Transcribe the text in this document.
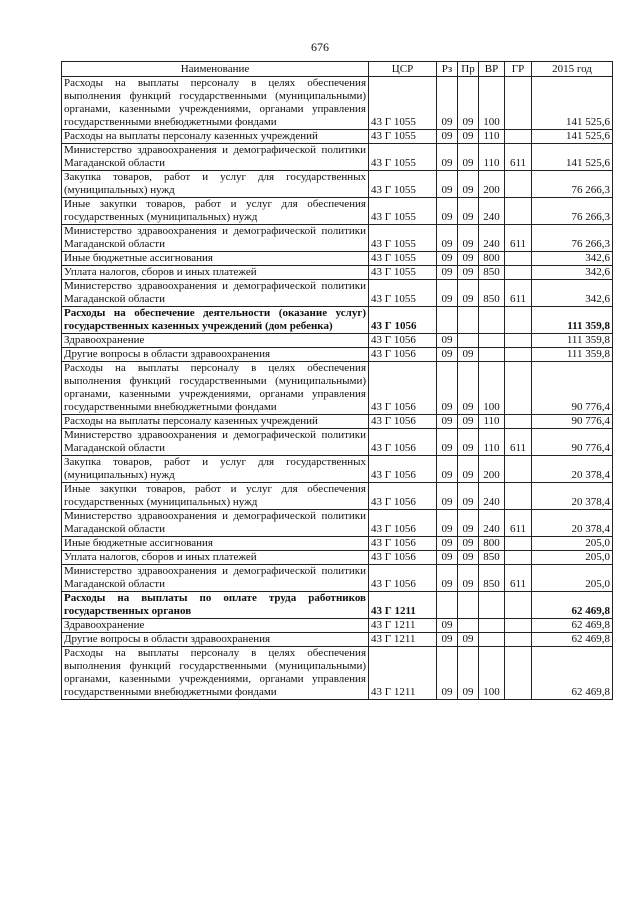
676
Наименование	ЦСР	Рз	Пр	ВР	ГР	2015 год
Расходы на выплаты персоналу в целях обеспечения выполнения функций государственными (муниципальными) органами, казенными учреждениями, органами управления государственными внебюджетными фондами	43 Г 1055	09	09	100		141 525,6
Расходы на выплаты персоналу казенных учреждений	43 Г 1055	09	09	110		141 525,6
Министерство здравоохранения и демографической политики Магаданской области	43 Г 1055	09	09	110	611	141 525,6
Закупка товаров, работ и услуг для государственных (муниципальных) нужд	43 Г 1055	09	09	200		76 266,3
Иные закупки товаров, работ и услуг для обеспечения государственных (муниципальных) нужд	43 Г 1055	09	09	240		76 266,3
Министерство здравоохранения и демографической политики Магаданской области	43 Г 1055	09	09	240	611	76 266,3
Иные бюджетные ассигнования	43 Г 1055	09	09	800		342,6
Уплата налогов, сборов и иных платежей	43 Г 1055	09	09	850		342,6
Министерство здравоохранения и демографической политики Магаданской области	43 Г 1055	09	09	850	611	342,6
Расходы на обеспечение деятельности (оказание услуг) государственных казенных учреждений (дом ребенка)	43 Г 1056					111 359,8
Здравоохранение	43 Г 1056	09				111 359,8
Другие вопросы в области здравоохранения	43 Г 1056	09	09			111 359,8
Расходы на выплаты персоналу в целях обеспечения выполнения функций государственными (муниципальными) органами, казенными учреждениями, органами управления государственными внебюджетными фондами	43 Г 1056	09	09	100		90 776,4
Расходы на выплаты персоналу казенных учреждений	43 Г 1056	09	09	110		90 776,4
Министерство здравоохранения и демографической политики Магаданской области	43 Г 1056	09	09	110	611	90 776,4
Закупка товаров, работ и услуг для государственных (муниципальных) нужд	43 Г 1056	09	09	200		20 378,4
Иные закупки товаров, работ и услуг для обеспечения государственных (муниципальных) нужд	43 Г 1056	09	09	240		20 378,4
Министерство здравоохранения и демографической политики Магаданской области	43 Г 1056	09	09	240	611	20 378,4
Иные бюджетные ассигнования	43 Г 1056	09	09	800		205,0
Уплата налогов, сборов и иных платежей	43 Г 1056	09	09	850		205,0
Министерство здравоохранения и демографической политики Магаданской области	43 Г 1056	09	09	850	611	205,0
Расходы на выплаты по оплате труда работников государственных органов	43 Г 1211					62 469,8
Здравоохранение	43 Г 1211	09				62 469,8
Другие вопросы в области здравоохранения	43 Г 1211	09	09			62 469,8
Расходы на выплаты персоналу в целях обеспечения выполнения функций государственными (муниципальными) органами, казенными учреждениями, органами управления государственными внебюджетными фондами	43 Г 1211	09	09	100		62 469,8
